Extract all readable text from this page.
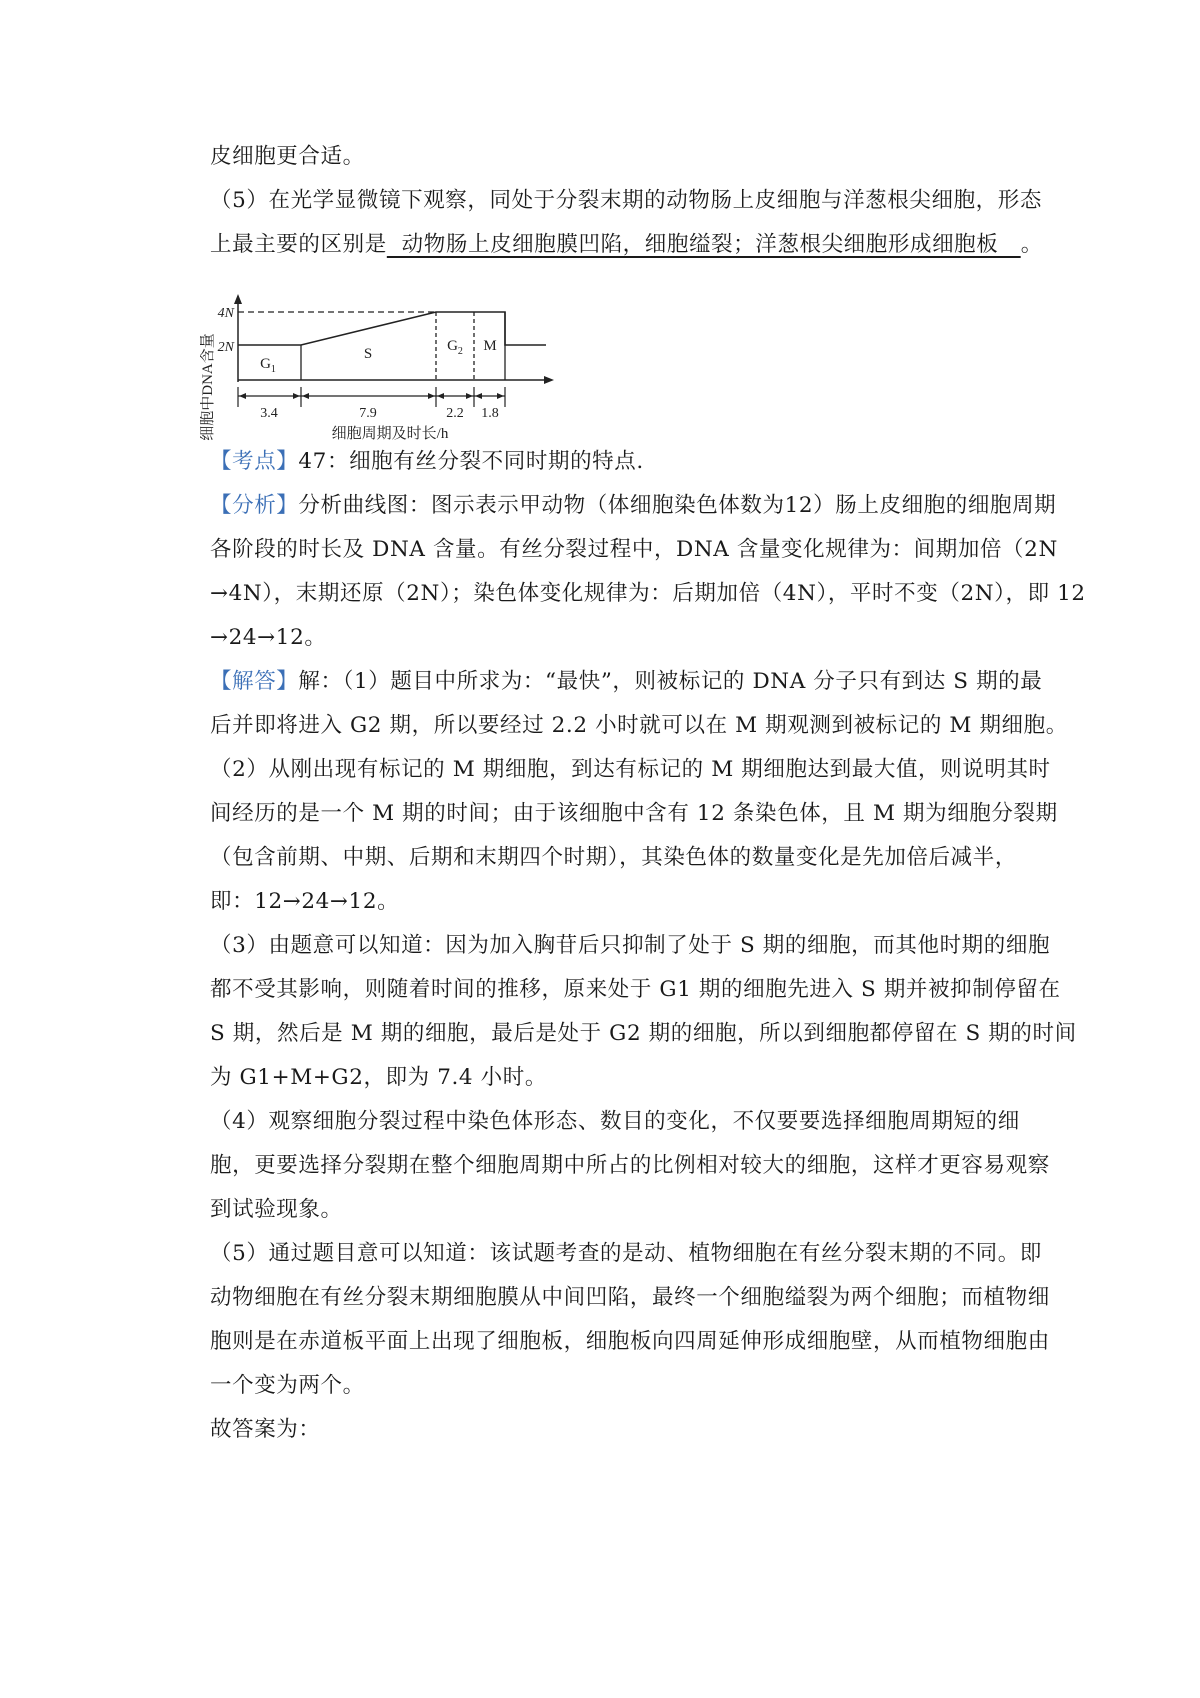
皮细胞更合适。
（5）在光学显微镜下观察，同处于分裂末期的动物肠上皮细胞与洋葱根尖细胞，形态
上最主要的区别是  动物肠上皮细胞膜凹陷，细胞缢裂；洋葱根尖细胞形成细胞板   。
细胞中DNA含量
4N
2N
$G_1$
S	$G_2$ M
3.4	7.9	2.2 1.8
细胞周期及时长/h
【考点】47：细胞有丝分裂不同时期的特点.
【分析】分析曲线图：图示表示甲动物（体细胞染色体数为12）肠上皮细胞的细胞周期
各阶段的时长及 DNA 含量。有丝分裂过程中，DNA 含量变化规律为：间期加倍（2N
→4N），末期还原（2N）；染色体变化规律为：后期加倍（4N），平时不变（2N），即 12
→24→12。
【解答】解：（1）题目中所求为：“最快”，则被标记的 DNA 分子只有到达 S 期的最
后并即将进入 G2 期，所以要经过 2.2 小时就可以在 M 期观测到被标记的 M 期细胞。
（2）从刚出现有标记的 M 期细胞，到达有标记的 M 期细胞达到最大值，则说明其时
间经历的是一个 M 期的时间；由于该细胞中含有 12 条染色体，且 M 期为细胞分裂期
（包含前期、中期、后期和末期四个时期），其染色体的数量变化是先加倍后减半，
即：12→24→12。
（3）由题意可以知道：因为加入胸苷后只抑制了处于 S 期的细胞，而其他时期的细胞
都不受其影响，则随着时间的推移，原来处于 G1 期的细胞先进入 S 期并被抑制停留在
S 期，然后是 M 期的细胞，最后是处于 G2 期的细胞，所以到细胞都停留在 S 期的时间
为 G1+M+G2，即为 7.4 小时。
（4）观察细胞分裂过程中染色体形态、数目的变化，不仅要要选择细胞周期短的细
胞，更要选择分裂期在整个细胞周期中所占的比例相对较大的细胞，这样才更容易观察
到试验现象。
（5）通过题目意可以知道：该试题考查的是动、植物细胞在有丝分裂末期的不同。即
动物细胞在有丝分裂末期细胞膜从中间凹陷，最终一个细胞缢裂为两个细胞；而植物细
胞则是在赤道板平面上出现了细胞板，细胞板向四周延伸形成细胞壁，从而植物细胞由
一个变为两个。
故答案为：
